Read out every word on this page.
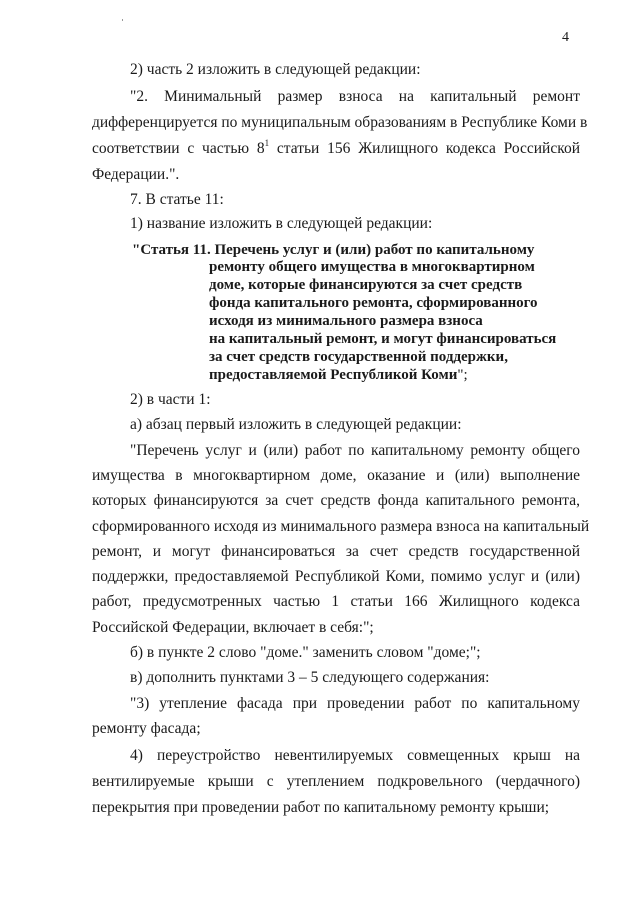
4
2) часть 2 изложить в следующей редакции:
"2. Минимальный размер взноса на капитальный ремонт
дифференцируется по муниципальным образованиям в Республике Коми в
соответствии с частью $8^1$ статьи 156 Жилищного кодекса Российской
Федерации.".
7. В статье 11:
1) название изложить в следующей редакции:
"Статья 11. Перечень услуг и (или) работ по капитальному
ремонту общего имущества в многоквартирном
доме, которые финансируются за счет средств
фонда капитального ремонта, сформированного
исходя из минимального размера взноса
на капитальный ремонт, и могут финансироваться
за счет средств государственной поддержки,
предоставляемой Республикой Коми";
2) в части 1:
а) абзац первый изложить в следующей редакции:
"Перечень услуг и (или) работ по капитальному ремонту общего
имущества в многоквартирном доме, оказание и (или) выполнение
которых финансируются за счет средств фонда капитального ремонта,
сформированного исходя из минимального размера взноса на капитальный
ремонт, и могут финансироваться за счет средств государственной
поддержки, предоставляемой Республикой Коми, помимо услуг и (или)
работ, предусмотренных частью 1 статьи 166 Жилищного кодекса
Российской Федерации, включает в себя:";
б) в пункте 2 слово "доме." заменить словом "доме;";
в) дополнить пунктами 3 – 5 следующего содержания:
"3) утепление фасада при проведении работ по капитальному
ремонту фасада;
4) переустройство невентилируемых совмещенных крыш на
вентилируемые крыши с утеплением подкровельного (чердачного)
перекрытия при проведении работ по капитальному ремонту крыши;
